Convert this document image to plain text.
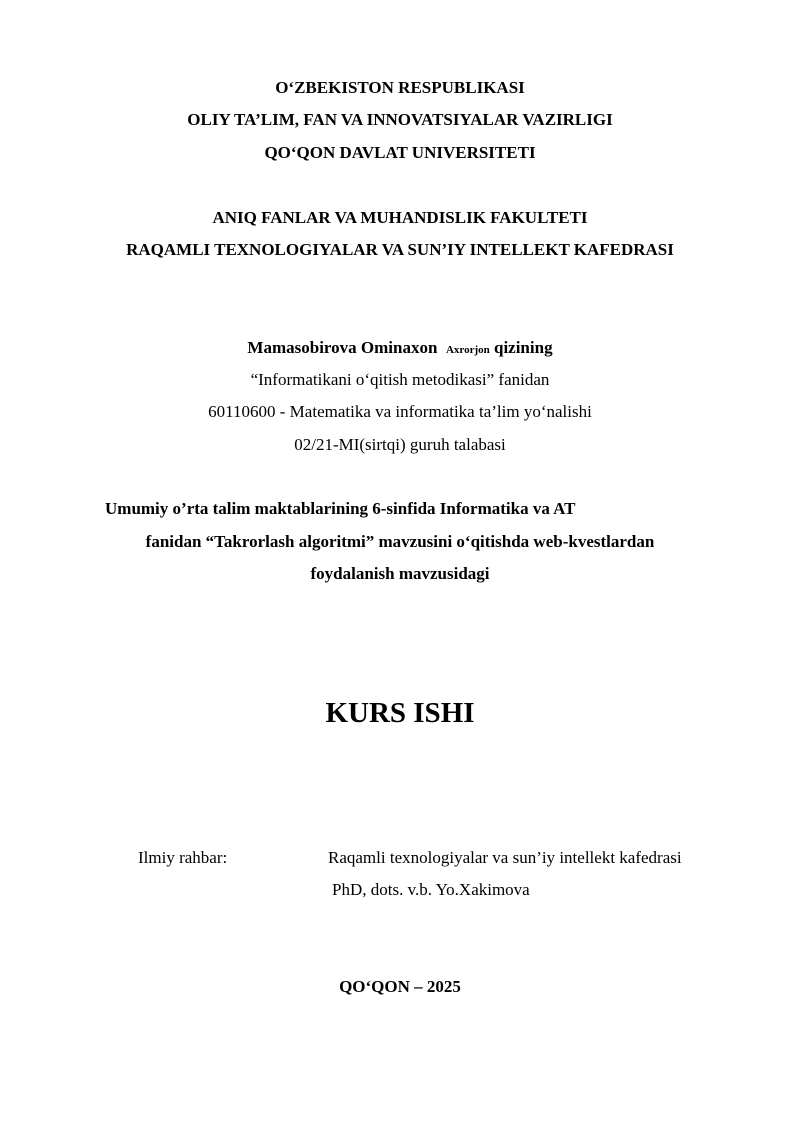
O‘ZBEKISTON RESPUBLIKASI
OLIY TA’LIM, FAN VA INNOVATSIYALAR VAZIRLIGI
QO‘QON DAVLAT UNIVERSITETI
ANIQ FANLAR VA MUHANDISLIK FAKULTETI
RAQAMLI TEXNOLOGIYALAR VA SUN’IY INTELLEKT KAFEDRASI
Mamasobirova Ominaxon Axrorjon qizining
“Informatikani o‘qitish metodikasi” fanidan
60110600 - Matematika va informatika ta’lim yo‘nalishi
02/21-MI(sirtqi) guruh talabasi
Umumiy o’rta talim maktablarining 6-sinfida Informatika va AT
fanidan “Takrorlash algoritmi” mavzusini o‘qitishda web-kvestlardan
foydalanish mavzusidagi
KURS ISHI
Ilmiy rahbar:	Raqamli texnologiyalar va sun’iy intellekt kafedrasi
PhD, dots. v.b. Yo.Xakimova
QO‘QON – 2025
